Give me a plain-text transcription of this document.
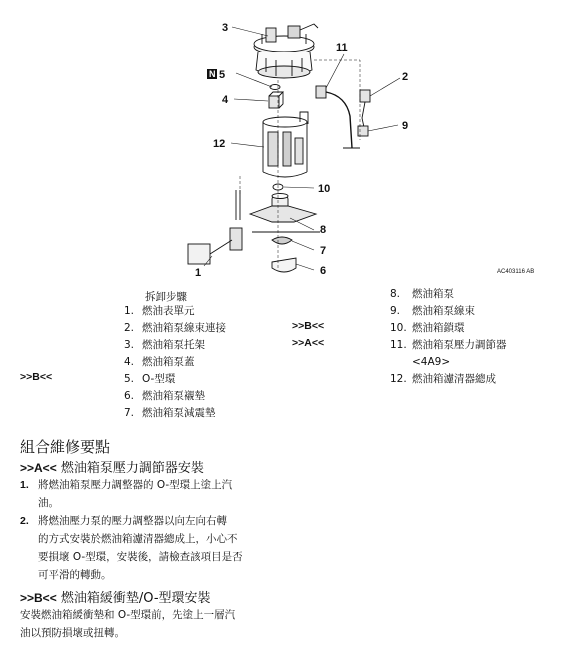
3
N 5
4
12
11
2
9
10
8
7
6
1	AC403116 AB
拆卸步驟
1. 燃油表單元
2. 燃油箱泵線束連接
3. 燃油箱泵托架
4. 燃油箱泵蓋
5. O-型環
6. 燃油箱泵襯墊
7. 燃油箱泵減震墊
>>B<<
>>A<<
>>B<<
8. 燃油箱泵
9. 燃油箱泵線束
10. 燃油箱鎖環
11. 燃油箱泵壓力調節器
<4A9>
12. 燃油箱濾清器總成
組合維修要點
>>A<< 燃油箱泵壓力調節器安裝
1. 將燃油箱泵壓力調整器的 O-型環上塗上汽
油。
2. 將燃油壓力泵的壓力調整器以向左向右轉
的方式安裝於燃油箱濾清器總成上，小心不
要損壞 O-型環，安裝後，請檢查該項目是否
可平滑的轉動。
>>B<< 燃油箱緩衝墊/O-型環安裝
安裝燃油箱緩衝墊和 O-型環前，先塗上一層汽
油以預防損壞或扭轉。
